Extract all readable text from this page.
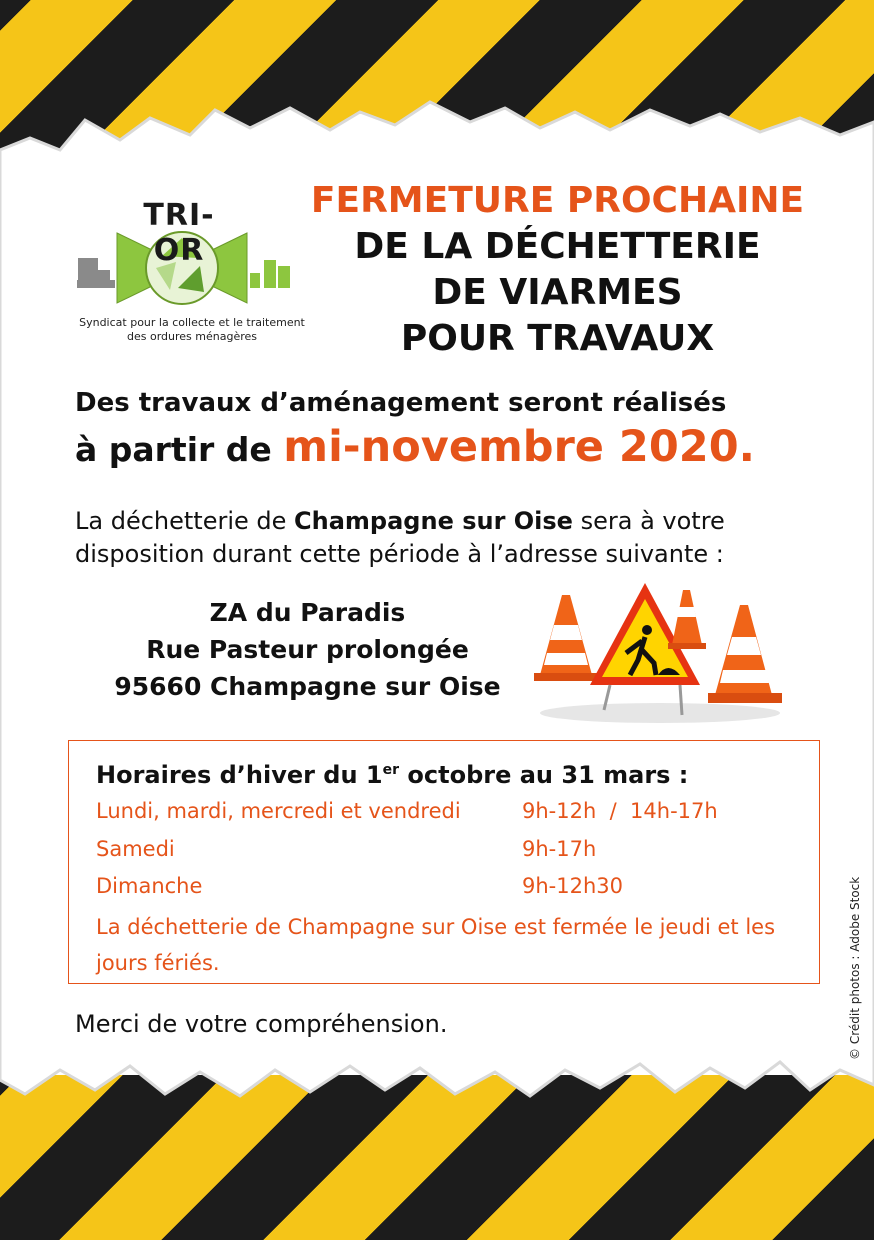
TRI-OR
Syndicat pour la collecte et le traitement
des ordures ménagères
FERMETURE PROCHAINE
DE LA DÉCHETTERIE
DE VIARMES
POUR TRAVAUX
Des travaux d’aménagement seront réalisés
à partir de mi-novembre 2020.
La déchetterie de Champagne sur Oise sera à votre disposition durant cette période à l’adresse suivante :
ZA du Paradis
Rue Pasteur prolongée
95660 Champagne sur Oise
Horaires d’hiver du 1er octobre au 31 mars :
Lundi, mardi, mercredi et vendredi	9h-12h  /  14h-17h
Samedi	9h-17h
Dimanche	9h-12h30
La déchetterie de Champagne sur Oise est fermée le jeudi et les jours fériés.
Merci de votre compréhension.	© Crédit photos : Adobe Stock
